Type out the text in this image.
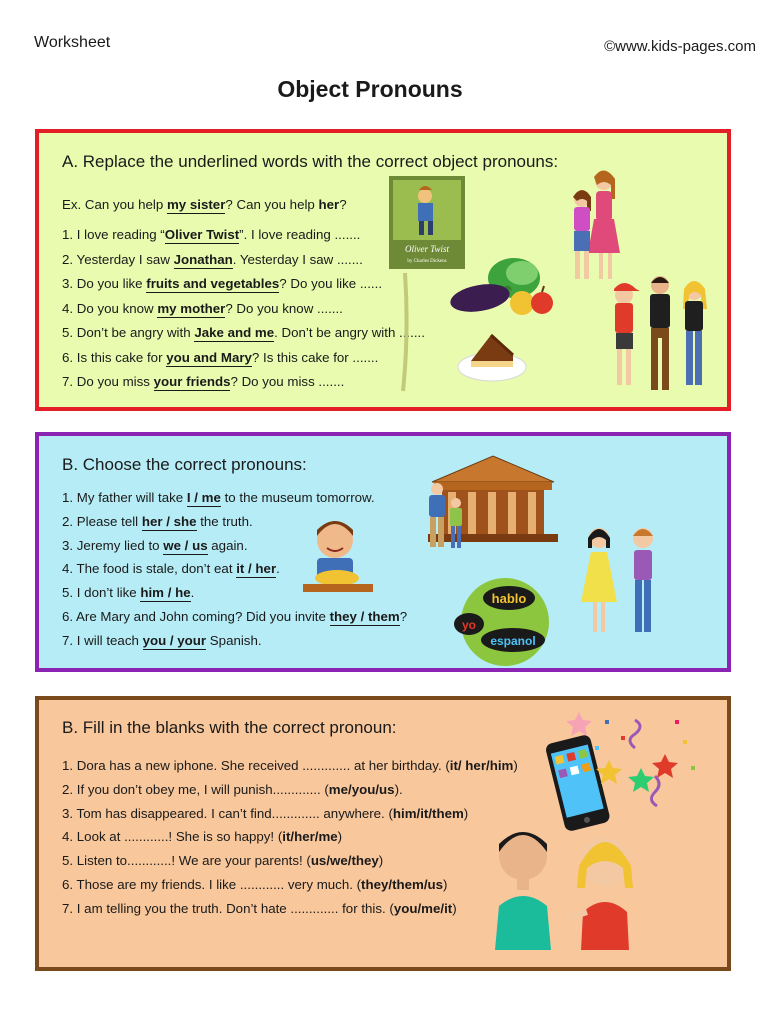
Worksheet	©www.kids-pages.com
Object Pronouns
A. Replace the underlined words with the correct object pronouns:
Ex. Can you help my sister? Can you help her?
1. I love reading “Oliver Twist”. I love reading .......
2. Yesterday I saw Jonathan. Yesterday I saw .......
3. Do you like fruits and vegetables? Do you like ......
4. Do you know my mother? Do you know .......
5. Don’t be angry with Jake and me. Don’t be angry with .......
6. Is this cake for you and Mary? Is this cake for .......
7. Do you miss your friends? Do you miss .......
Oliver Twist
by Charles Dickens
B. Choose the correct pronouns:
1. My father will take I / me to the museum tomorrow.
2. Please tell her / she the truth.
3. Jeremy lied to we / us again.
4. The food is stale, don’t eat it / her.
5. I don’t like him / he.
6. Are Mary and John coming? Did you invite they / them?
7. I will teach you / your Spanish.
hablo
yo
espanol
B. Fill in the blanks with the correct pronoun:
1. Dora has a new iphone. She received ............. at her birthday. (it/ her/him)
2. If you don’t obey me, I will punish............. (me/you/us).
3. Tom has disappeared. I can’t find............. anywhere. (him/it/them)
4. Look at ............! She is so happy! (it/her/me)
5. Listen to............! We are your parents! (us/we/they)
6. Those are my friends. I like ............ very much. (they/them/us)
7. I am telling you the truth. Don’t hate ............. for this. (you/me/it)
